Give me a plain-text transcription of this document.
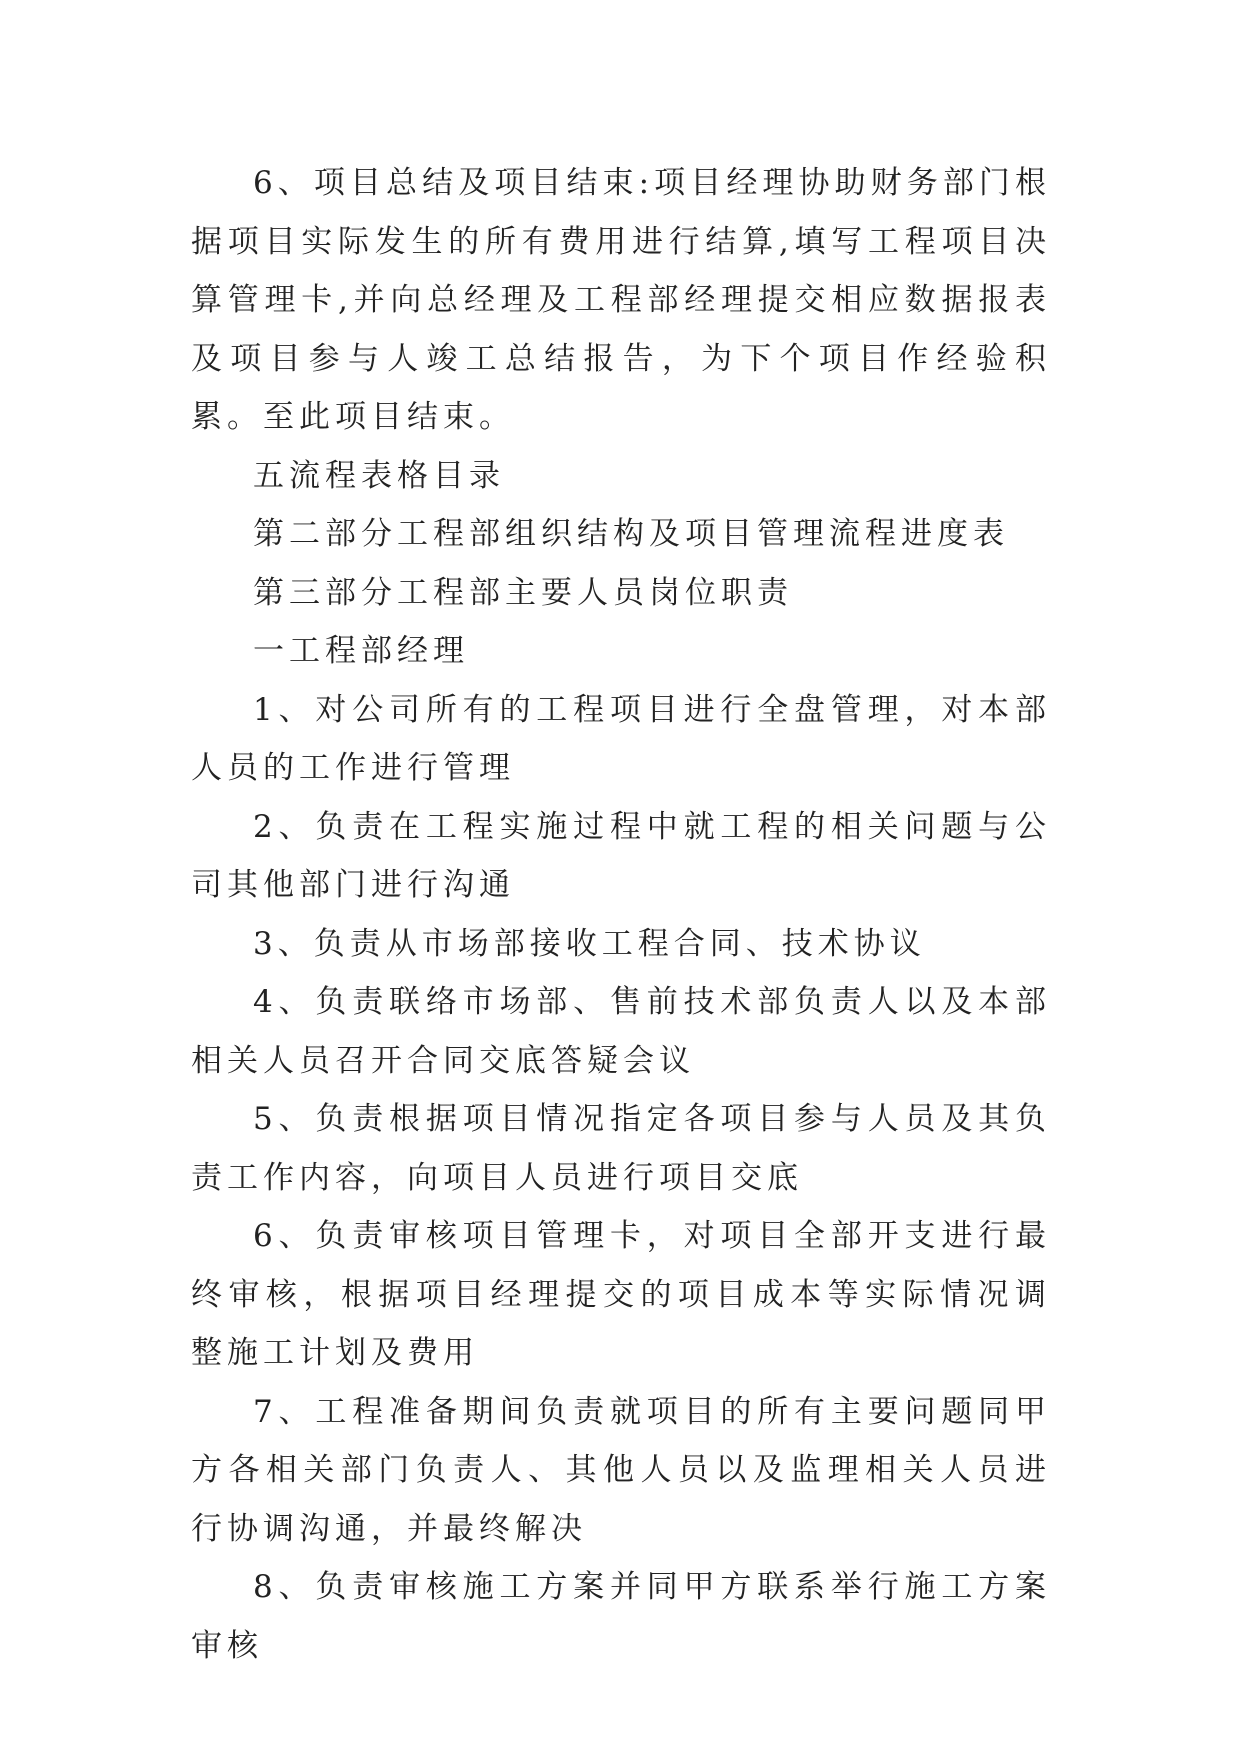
6、项目总结及项目结束:项目经理协助财务部门根据项目实际发生的所有费用进行结算,填写工程项目决算管理卡,并向总经理及工程部经理提交相应数据报表及项目参与人竣工总结报告，为下个项目作经验积累。至此项目结束。

五流程表格目录

第二部分工程部组织结构及项目管理流程进度表

第三部分工程部主要人员岗位职责

一工程部经理

1、对公司所有的工程项目进行全盘管理，对本部人员的工作进行管理

2、负责在工程实施过程中就工程的相关问题与公司其他部门进行沟通

3、负责从市场部接收工程合同、技术协议

4、负责联络市场部、售前技术部负责人以及本部相关人员召开合同交底答疑会议

5、负责根据项目情况指定各项目参与人员及其负责工作内容，向项目人员进行项目交底

6、负责审核项目管理卡，对项目全部开支进行最终审核，根据项目经理提交的项目成本等实际情况调整施工计划及费用

7、工程准备期间负责就项目的所有主要问题同甲方各相关部门负责人、其他人员以及监理相关人员进行协调沟通，并最终解决

8、负责审核施工方案并同甲方联系举行施工方案审核
